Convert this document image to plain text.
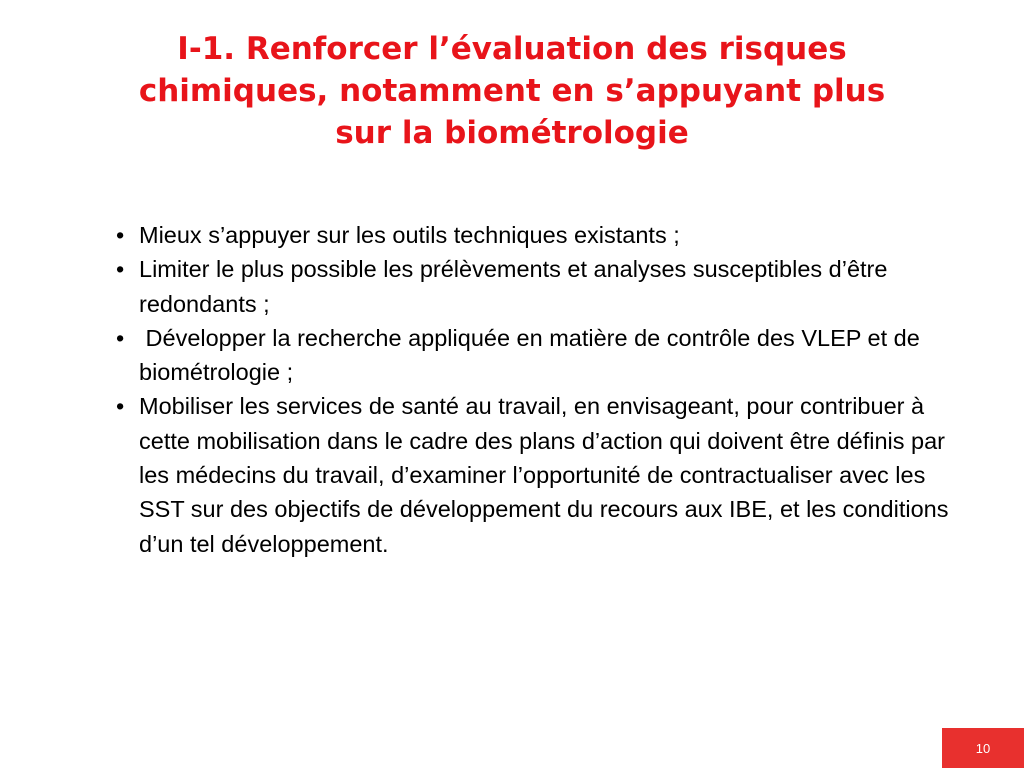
I-1. Renforcer l’évaluation des risques
chimiques, notamment en s’appuyant plus
sur la biométrologie
• Mieux s’appuyer sur les outils techniques existants ;
• Limiter le plus possible les prélèvements et analyses susceptibles d’être redondants ;
• Développer la recherche appliquée en matière de contrôle des VLEP et de biométrologie ;
• Mobiliser les services de santé au travail, en envisageant, pour contribuer à cette mobilisation dans le cadre des plans d’action qui doivent être définis par les médecins du travail, d’examiner l’opportunité de contractualiser avec les SST sur des objectifs de développement du recours aux IBE, et les conditions d’un tel développement.
10
